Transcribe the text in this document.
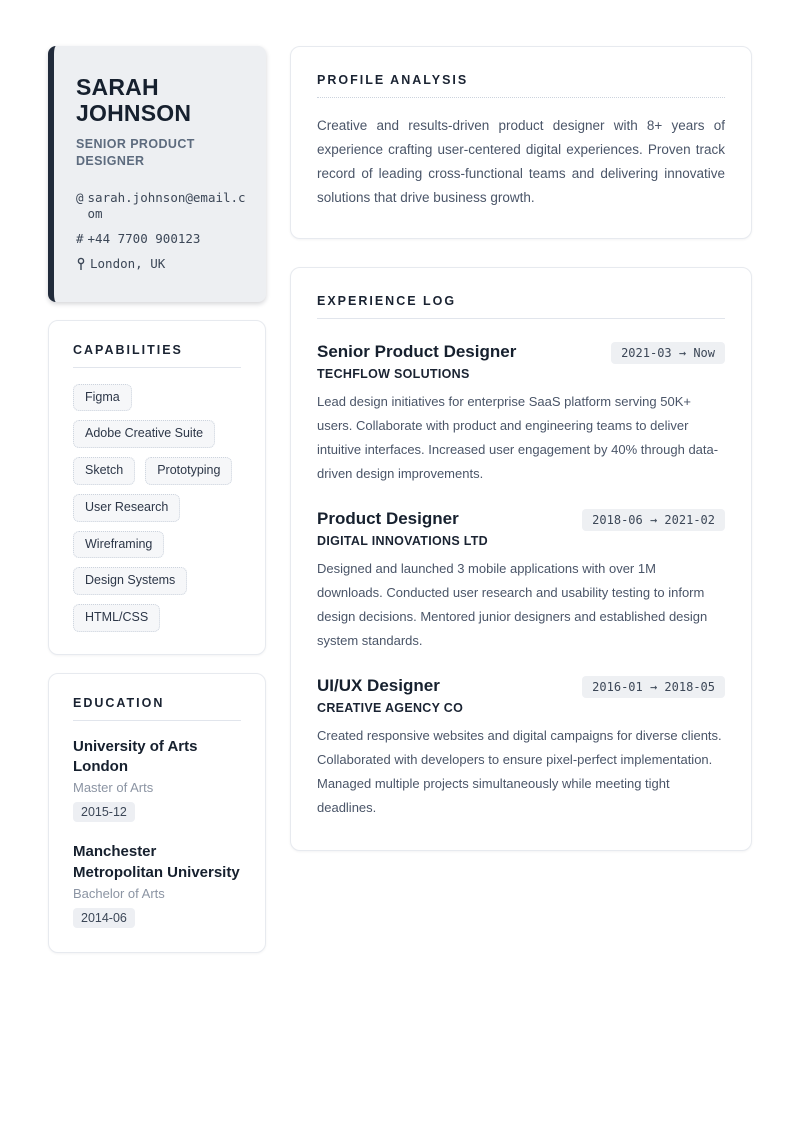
SARAH JOHNSON
SENIOR PRODUCT DESIGNER
@ sarah.johnson@email.com
# +44 7700 900123
London, UK
CAPABILITIES
Figma
Adobe Creative Suite
Sketch	Prototyping
User Research
Wireframing
Design Systems
HTML/CSS
EDUCATION
University of Arts London
Master of Arts
2015-12
Manchester Metropolitan University
Bachelor of Arts
2014-06
PROFILE ANALYSIS

Creative and results-driven product designer with 8+ years of experience crafting user-centered digital experiences. Proven track record of leading cross-functional teams and delivering innovative solutions that drive business growth.

EXPERIENCE LOG
Senior Product Designer	2021-03 → Now
TECHFLOW SOLUTIONS

Lead design initiatives for enterprise SaaS platform serving 50K+ users. Collaborate with product and engineering teams to deliver intuitive interfaces. Increased user engagement by 40% through data-driven design improvements.

Product Designer	2018-06 → 2021-02
DIGITAL INNOVATIONS LTD

Designed and launched 3 mobile applications with over 1M downloads. Conducted user research and usability testing to inform design decisions. Mentored junior designers and established design system standards.

UI/UX Designer	2016-01 → 2018-05
CREATIVE AGENCY CO

Created responsive websites and digital campaigns for diverse clients. Collaborated with developers to ensure pixel-perfect implementation. Managed multiple projects simultaneously while meeting tight deadlines.
